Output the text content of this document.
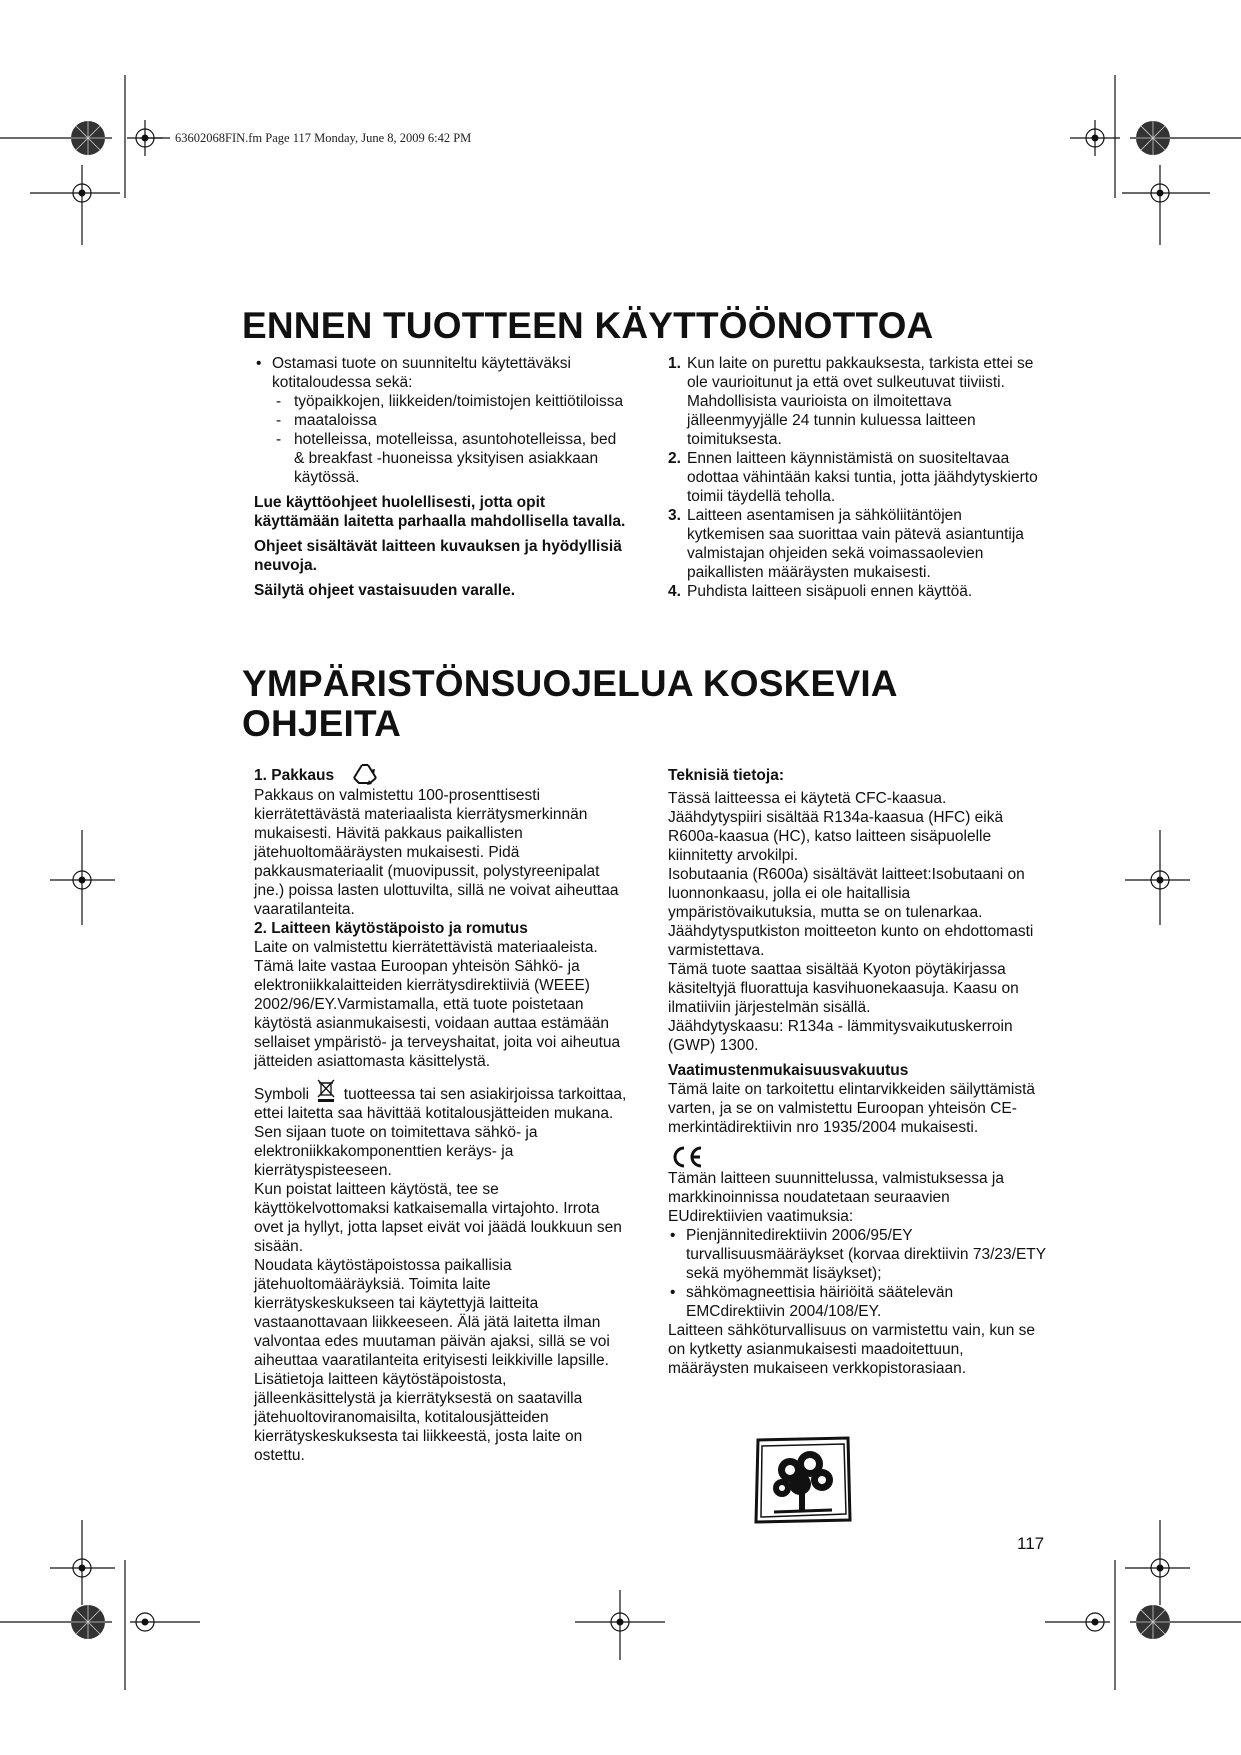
63602068FIN.fm Page 117 Monday, June 8, 2009 6:42 PM
ENNEN TUOTTEEN KÄYTTÖÖNOTTOA
• Ostamasi tuote on suunniteltu käytettäväksi kotitaloudessa sekä:
- työpaikkojen, liikkeiden/toimistojen keittiötiloissa
- maataloissa
- hotelleissa, motelleissa, asuntohotelleissa, bed & breakfast -huoneissa yksityisen asiakkaan käytössä.

Lue käyttöohjeet huolellisesti, jotta opit käyttämään laitetta parhaalla mahdollisella tavalla.

Ohjeet sisältävät laitteen kuvauksen ja hyödyllisiä neuvoja.

Säilytä ohjeet vastaisuuden varalle.

1. Kun laite on purettu pakkauksesta, tarkista ettei se ole vaurioitunut ja että ovet sulkeutuvat tiiviisti. Mahdollisista vaurioista on ilmoitettava jälleenmyyjälle 24 tunnin kuluessa laitteen toimituksesta.
2. Ennen laitteen käynnistämistä on suositeltavaa odottaa vähintään kaksi tuntia, jotta jäähdytyskierto toimii täydellä teholla.
3. Laitteen asentamisen ja sähköliitäntöjen kytkemisen saa suorittaa vain pätevä asiantuntija valmistajan ohjeiden sekä voimassaolevien paikallisten määräysten mukaisesti.
4. Puhdista laitteen sisäpuoli ennen käyttöä.
YMPÄRISTÖNSUOJELUA KOSKEVIA
OHJEITA

1. Pakkaus

Pakkaus on valmistettu 100-prosenttisesti kierrätettävästä materiaalista kierrätysmerkinnän mukaisesti. Hävitä pakkaus paikallisten jätehuoltomääräysten mukaisesti. Pidä pakkausmateriaalit (muovipussit, polystyreenipalat jne.) poissa lasten ulottuvilta, sillä ne voivat aiheuttaa vaaratilanteita.

2. Laitteen käytöstäpoisto ja romutus

Laite on valmistettu kierrätettävistä materiaaleista.

Tämä laite vastaa Euroopan yhteisön Sähkö- ja elektroniikkalaitteiden kierrätysdirektiiviä (WEEE) 2002/96/EY.Varmistamalla, että tuote poistetaan käytöstä asianmukaisesti, voidaan auttaa estämään sellaiset ympäristö- ja terveyshaitat, joita voi aiheutua jätteiden asiattomasta käsittelystä.

Symboli tuotteessa tai sen asiakirjoissa tarkoittaa, ettei laitetta saa hävittää kotitalousjätteiden mukana. Sen sijaan tuote on toimitettava sähkö- ja elektroniikkakomponenttien keräys- ja kierrätyspisteeseen.

Kun poistat laitteen käytöstä, tee se käyttökelvottomaksi katkaisemalla virtajohto. Irrota ovet ja hyllyt, jotta lapset eivät voi jäädä loukkuun sen sisään.

Noudata käytöstäpoistossa paikallisia jätehuoltomääräyksiä. Toimita laite kierrätyskeskukseen tai käytettyjä laitteita vastaanottavaan liikkeeseen. Älä jätä laitetta ilman valvontaa edes muutaman päivän ajaksi, sillä se voi aiheuttaa vaaratilanteita erityisesti leikkiville lapsille.

Lisätietoja laitteen käytöstäpoistosta, jälleenkäsittelystä ja kierrätyksestä on saatavilla jätehuoltoviranomaisilta, kotitalousjätteiden kierrätyskeskuksesta tai liikkeestä, josta laite on ostettu.

Teknisiä tietoja:

Tässä laitteessa ei käytetä CFC-kaasua.

Jäähdytyspiiri sisältää R134a-kaasua (HFC) eikä R600a-kaasua (HC), katso laitteen sisäpuolelle kiinnitetty arvokilpi.

Isobutaania (R600a) sisältävät laitteet:Isobutaani on luonnonkaasu, jolla ei ole haitallisia ympäristövaikutuksia, mutta se on tulenarkaa. Jäähdytysputkiston moitteeton kunto on ehdottomasti varmistettava.

Tämä tuote saattaa sisältää Kyoton pöytäkirjassa käsiteltyjä fluorattuja kasvihuonekaasuja. Kaasu on ilmatiiviin järjestelmän sisällä.

Jäähdytyskaasu: R134a - lämmitysvaikutuskerroin (GWP) 1300.

Vaatimustenmukaisuusvakuutus

Tämä laite on tarkoitettu elintarvikkeiden säilyttämistä varten, ja se on valmistettu Euroopan yhteisön CE-merkintädirektiivin nro 1935/2004 mukaisesti.

Tämän laitteen suunnittelussa, valmistuksessa ja markkinoinnissa noudatetaan seuraavien EUdirektiivien vaatimuksia:

• Pienjännitedirektiivin 2006/95/EY turvallisuusmääräykset (korvaa direktiivin 73/23/ETY sekä myöhemmät lisäykset);
• sähkömagneettisia häiriöitä säätelevän EMCdirektiivin 2004/108/EY.

Laitteen sähköturvallisuus on varmistettu vain, kun se on kytketty asianmukaisesti maadoitettuun, määräysten mukaiseen verkkopistorasiaan.

117
